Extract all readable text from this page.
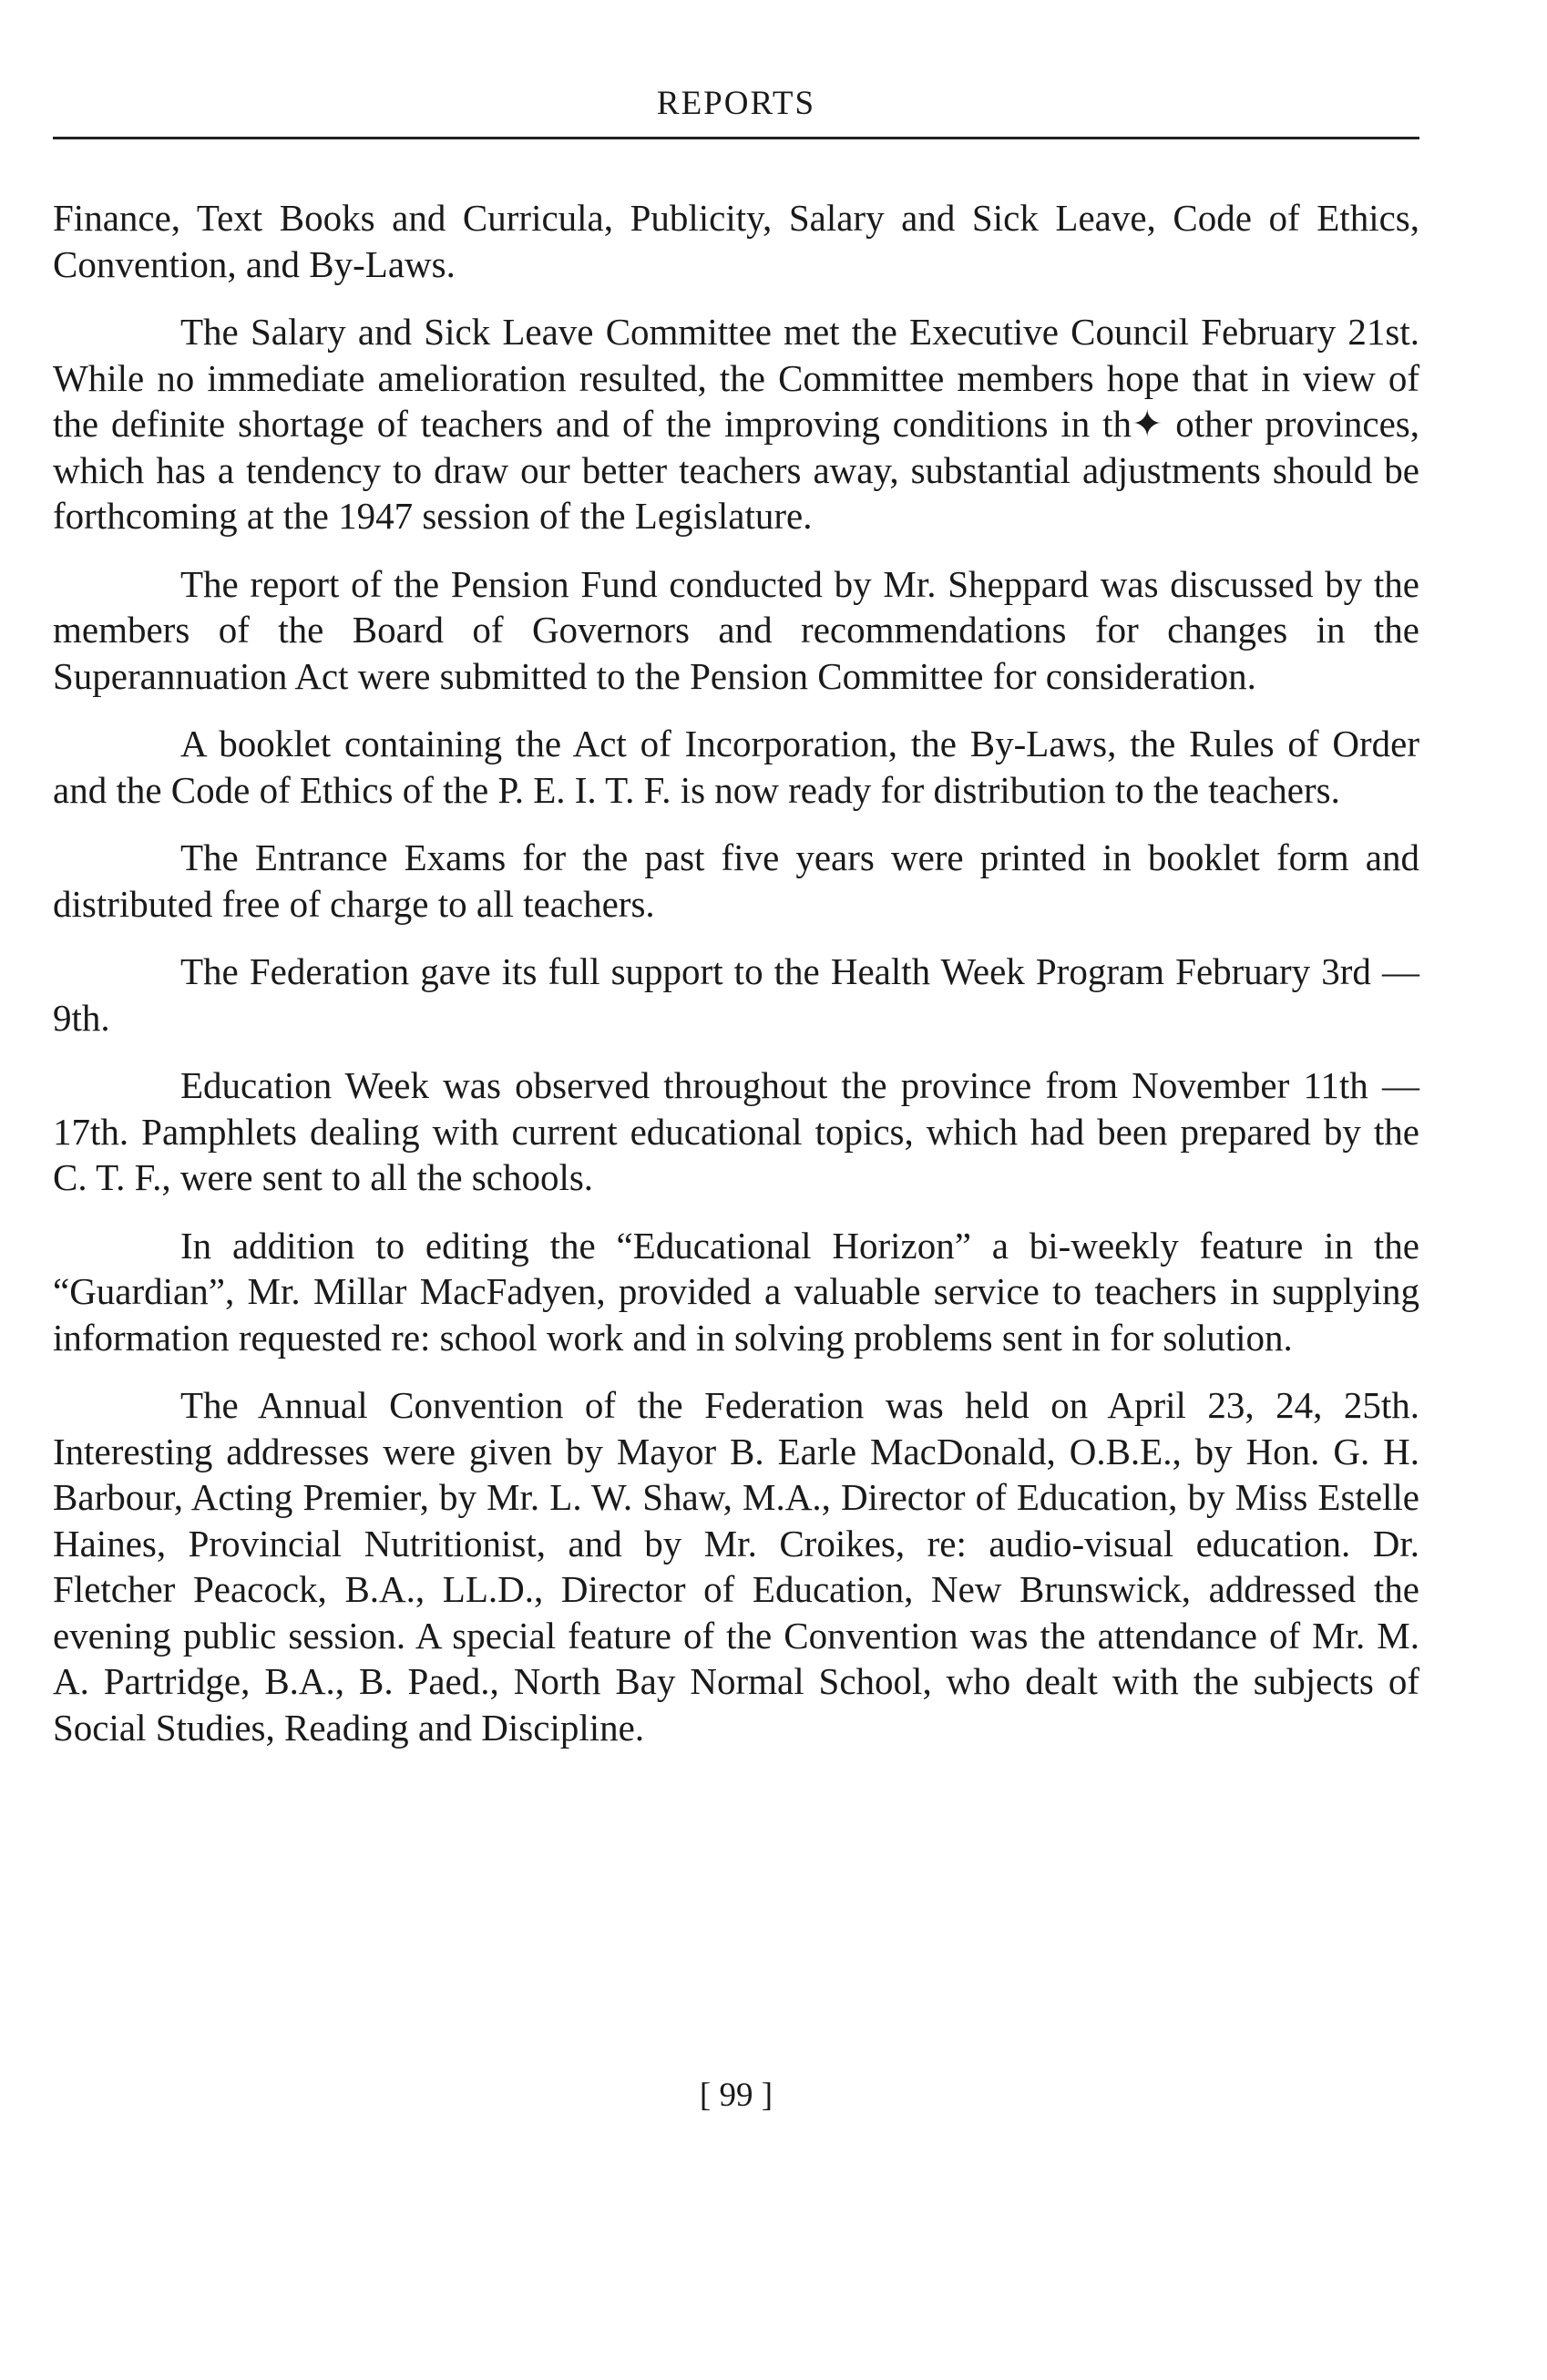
REPORTS

Finance, Text Books and Curricula, Publicity, Salary and Sick Leave, Code of Ethics, Convention, and By-Laws.

The Salary and Sick Leave Committee met the Executive Council February 21st. While no immediate amelioration resulted, the Committee members hope that in view of the definite shortage of teachers and of the improving conditions in th✦ other provinces, which has a tendency to draw our better teachers away, substantial adjustments should be forthcoming at the 1947 session of the Legislature.

The report of the Pension Fund conducted by Mr. Sheppard was discussed by the members of the Board of Governors and recommendations for changes in the Superannuation Act were submitted to the Pension Committee for consideration.

A booklet containing the Act of Incorporation, the By-Laws, the Rules of Order and the Code of Ethics of the P. E. I. T. F. is now ready for distribution to the teachers.

The Entrance Exams for the past five years were printed in booklet form and distributed free of charge to all teachers.

The Federation gave its full support to the Health Week Program February 3rd — 9th.

Education Week was observed throughout the province from November 11th — 17th. Pamphlets dealing with current educational topics, which had been prepared by the C. T. F., were sent to all the schools.

In addition to editing the “Educational Horizon” a bi-weekly feature in the “Guardian”, Mr. Millar MacFadyen, provided a valuable service to teachers in supplying information requested re: school work and in solving problems sent in for solution.

The Annual Convention of the Federation was held on April 23, 24, 25th. Interesting addresses were given by Mayor B. Earle MacDonald, O.B.E., by Hon. G. H. Barbour, Acting Premier, by Mr. L. W. Shaw, M.A., Director of Education, by Miss Estelle Haines, Provincial Nutritionist, and by Mr. Croikes, re: audio-visual education. Dr. Fletcher Peacock, B.A., LL.D., Director of Education, New Brunswick, addressed the evening public session. A special feature of the Convention was the attendance of Mr. M. A. Partridge, B.A., B. Paed., North Bay Normal School, who dealt with the subjects of Social Studies, Reading and Discipline.

[ 99 ]
